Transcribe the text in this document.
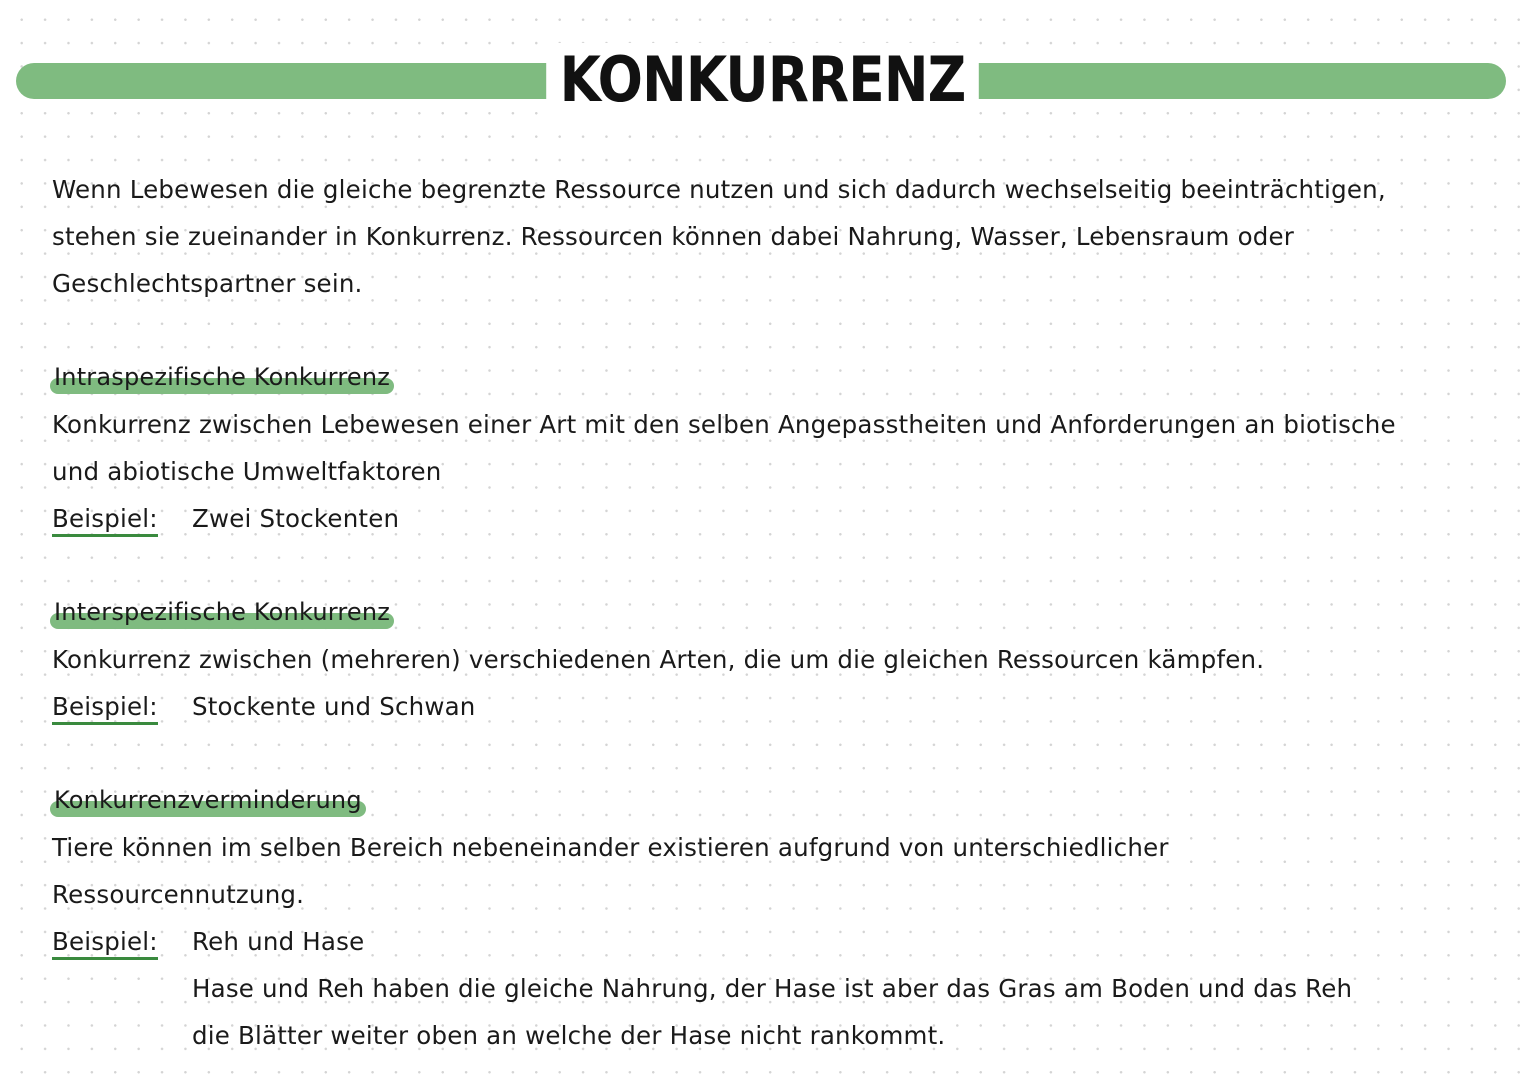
KONKURRENZ
Wenn Lebewesen die gleiche begrenzte Ressource nutzen und sich dadurch wechselseitig beeinträchtigen,
stehen sie zueinander in Konkurrenz. Ressourcen können dabei Nahrung, Wasser, Lebensraum oder
Geschlechtspartner sein.
Intraspezifische Konkurrenz
Konkurrenz zwischen Lebewesen einer Art mit den selben Angepasstheiten und Anforderungen an biotische
und abiotische Umweltfaktoren
Beispiel:	Zwei Stockenten
Interspezifische Konkurrenz
Konkurrenz zwischen (mehreren) verschiedenen Arten, die um die gleichen Ressourcen kämpfen.
Beispiel:	Stockente und Schwan
Konkurrenzverminderung
Tiere können im selben Bereich nebeneinander existieren aufgrund von unterschiedlicher
Ressourcennutzung.
Beispiel:	Reh und Hase
Hase und Reh haben die gleiche Nahrung, der Hase ist aber das Gras am Boden und das Reh
die Blätter weiter oben an welche der Hase nicht rankommt.
